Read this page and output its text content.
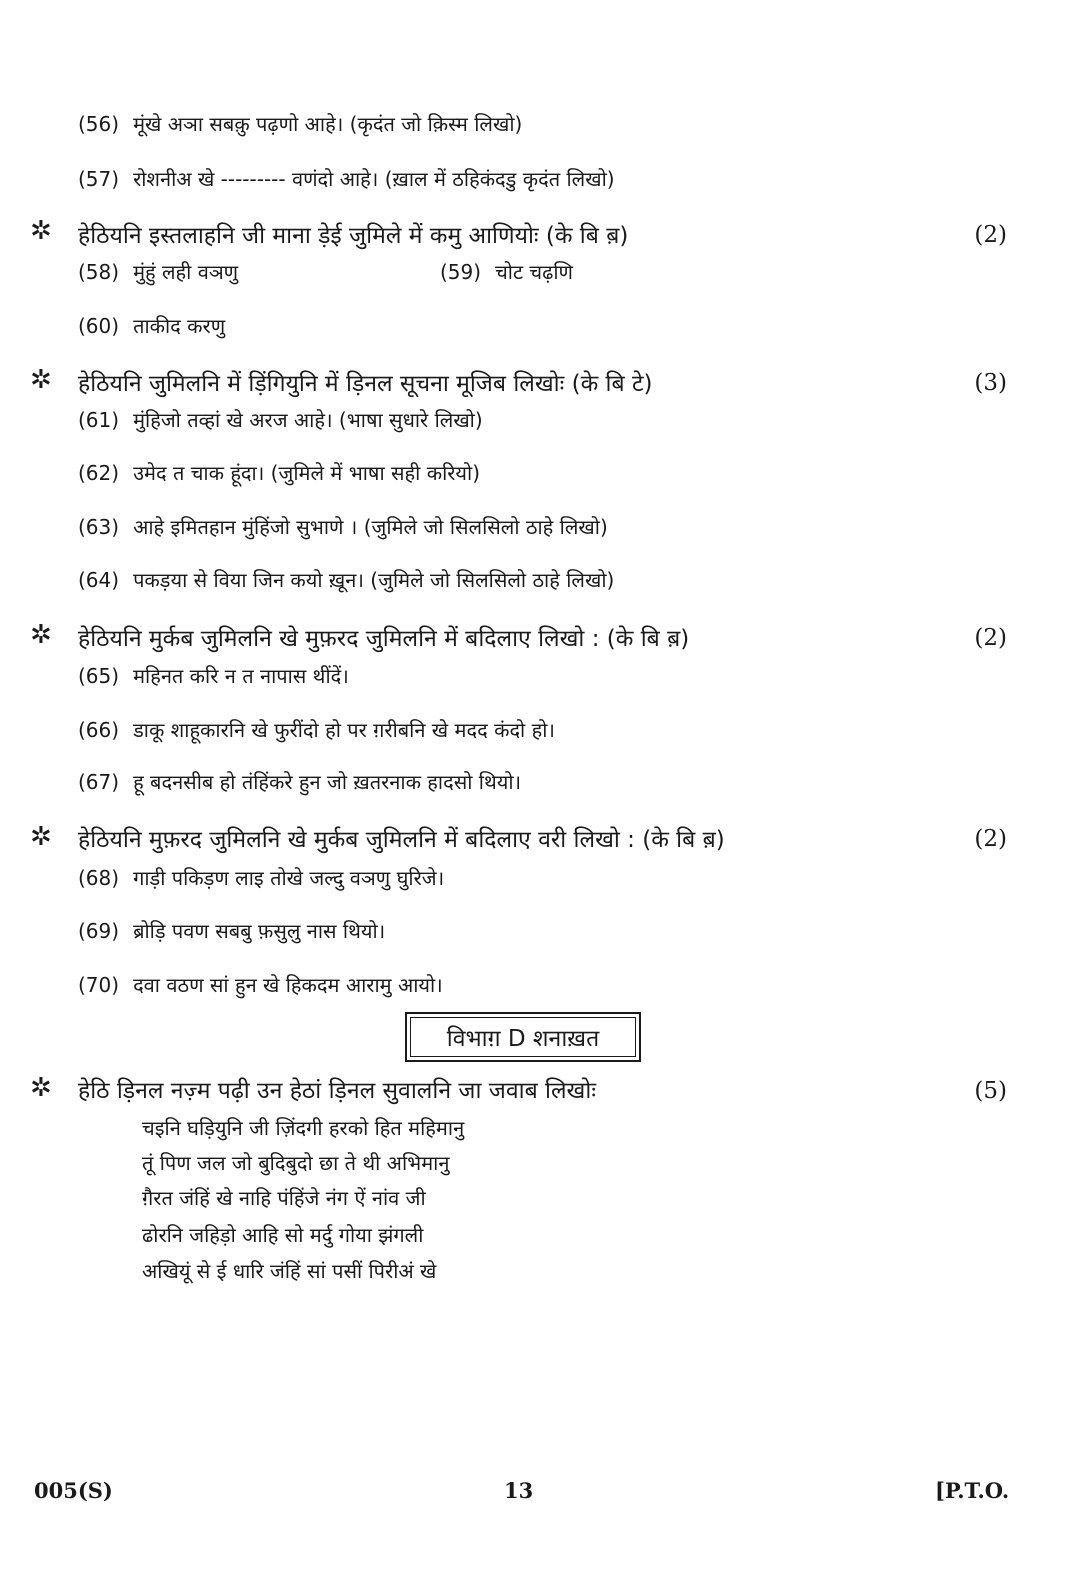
(56) मूंखे अञा सबक़ु पढ़णो आहे। (कृदंत जो क़िस्म लिखो)
(57) रोशनीअ खे --------- वणंदो आहे। (ख़ाल में ठहिकंदडु कृदंत लिखो)
✲ हेठियनि इस्तलाहनि जी माना ड़ेई जुमिले में कमु आणियोः (के बि ब़)	(2)
(58) मुंहुं लही वञणु	(59) चोट चढ़णि
(60) ताकीद करणु
✲ हेठियनि जुमिलनि में ड़िंगियुनि में ड़िनल सूचना मूजिब लिखोः (के बि टे)	(3)
(61) मुंहिजो तव्हां खे अरज आहे। (भाषा सुधारे लिखो)
(62) उमेद त चाक हूंदा। (जुमिले में भाषा सही करियो)
(63) आहे इमितहान मुंहिंजो सुभाणे । (जुमिले जो सिलसिलो ठाहे लिखो)
(64) पकड़या से विया जिन कयो ख़ून। (जुमिले जो सिलसिलो ठाहे लिखो)
✲ हेठियनि मुर्कब जुमिलनि खे मुफ़रद जुमिलनि में बदिलाए लिखो : (के बि ब़)	(2)
(65) महिनत करि न त नापास थींदें।
(66) डाकू शाहूकारनि खे फुरींदो हो पर ग़रीबनि खे मदद कंदो हो।
(67) हू बदनसीब हो तंहिंकरे हुन जो ख़तरनाक हादसो थियो।
✲ हेठियनि मुफ़रद जुमिलनि खे मुर्कब जुमिलनि में बदिलाए वरी लिखो : (के बि ब़)	(2)
(68) गाड़ी पकिड़ण लाइ तोखे जल्दु वञणु घुरिजे।
(69) ब्रोड़ि पवण सबबु फ़सुलु नास थियो।
(70) दवा वठण सां हुन खे हिकदम आरामु आयो।
विभाग़ D शनाख़त
✲ हेठि ड़िनल नज़्म पढ़ी उन हेठां ड़िनल सुवालनि जा जवाब लिखोः	(5)
चइनि घड़ियुनि जी ज़िंदगी हरको हित महिमानु
तूं पिण जल जो बुदिबुदो छा ते थी अभिमानु
ग़ैरत जंहिं खे नाहि पंहिंजे नंग ऐं नांव जी
ढोरनि जहिड़ो आहि सो मर्दु गोया झंगली
अखियूं से ई धारि जंहिं सां पसीं पिरीअं खे
005(S)	13	[P.T.O.
